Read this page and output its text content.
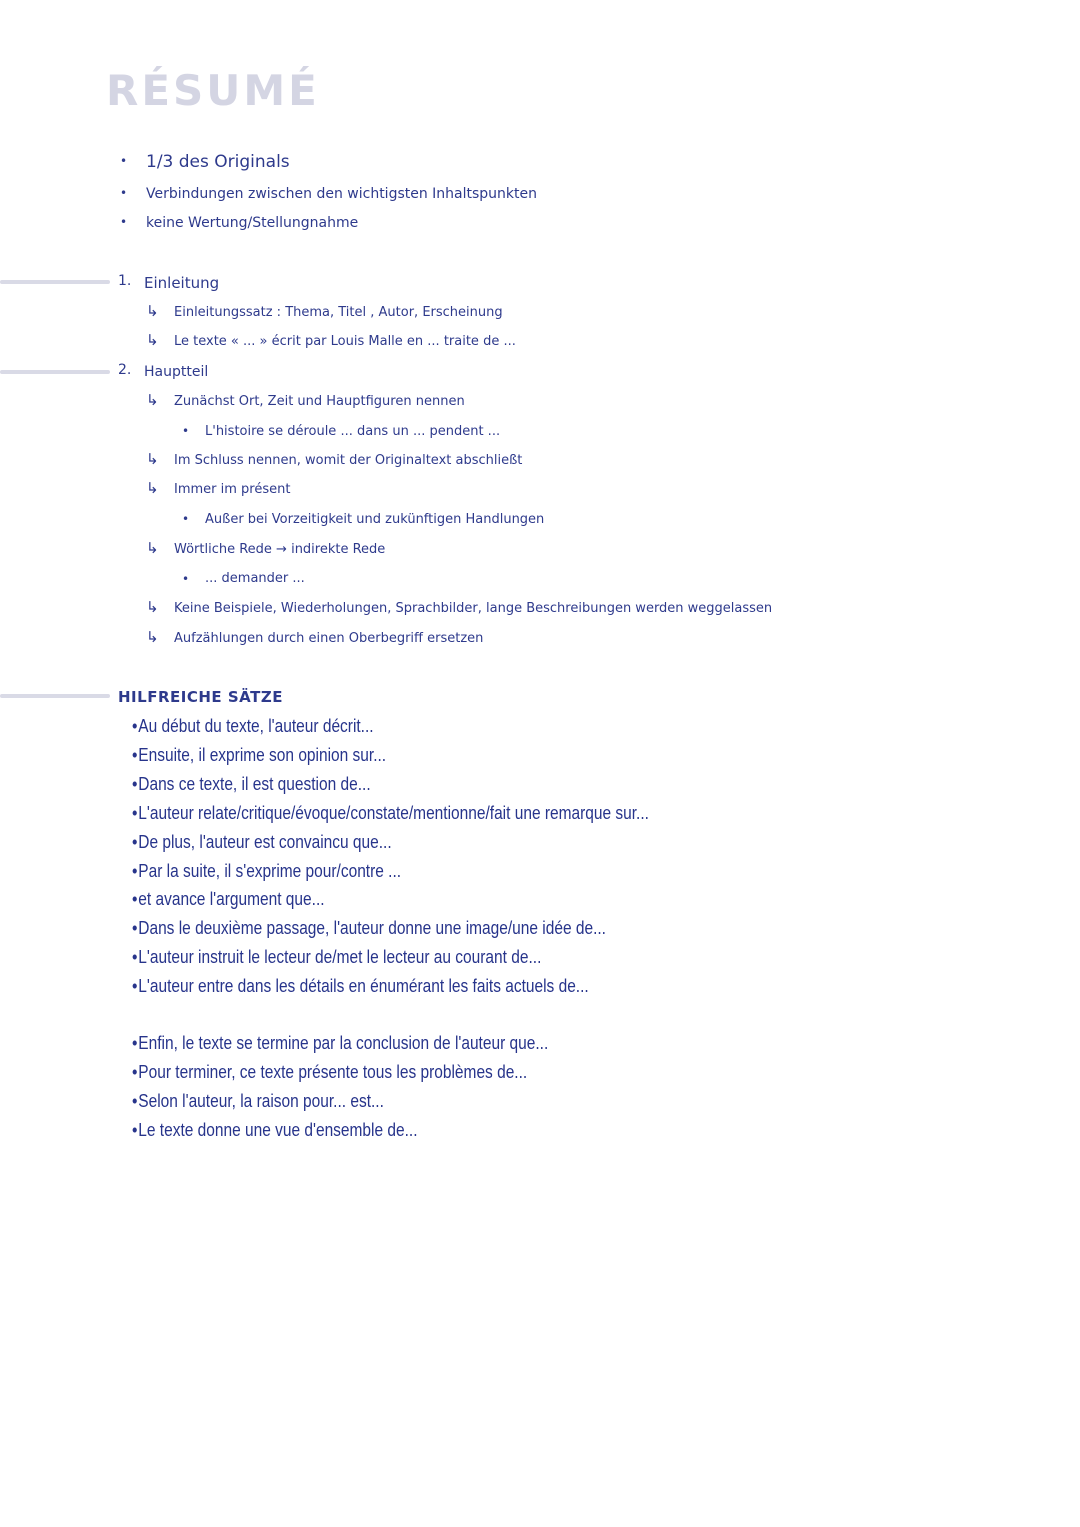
RÉSUMÉ
• 1/3 des Originals
• Verbindungen zwischen den wichtigsten Inhaltspunkten
• keine Wertung/Stellungnahme
1. Einleitung
↳ Einleitungssatz : Thema, Titel , Autor, Erscheinung
↳ Le texte « ... » écrit par Louis Malle en ... traite de ...
2. Hauptteil
↳ Zunächst Ort, Zeit und Hauptfiguren nennen
• L'histoire se déroule ... dans un ... pendent ...
↳ Im Schluss nennen, womit der Originaltext abschließt
↳ Immer im présent
• Außer bei Vorzeitigkeit und zukünftigen Handlungen
↳ Wörtliche Rede → indirekte Rede
• ... demander ...
↳ Keine Beispiele, Wiederholungen, Sprachbilder, lange Beschreibungen werden weggelassen
↳ Aufzählungen durch einen Oberbegriff ersetzen
HILFREICHE SÄTZE
•Au début du texte, l'auteur décrit...
•Ensuite, il exprime son opinion sur...
•Dans ce texte, il est question de...
•L'auteur relate/critique/évoque/constate/mentionne/fait une remarque sur...
•De plus, l'auteur est convaincu que...
•Par la suite, il s'exprime pour/contre ...
•et avance l'argument que...
•Dans le deuxième passage, l'auteur donne une image/une idée de...
•L'auteur instruit le lecteur de/met le lecteur au courant de...
•L'auteur entre dans les détails en énumérant les faits actuels de...
•Enfin, le texte se termine par la conclusion de l'auteur que...
•Pour terminer, ce texte présente tous les problèmes de...
•Selon l'auteur, la raison pour... est...
•Le texte donne une vue d'ensemble de...
